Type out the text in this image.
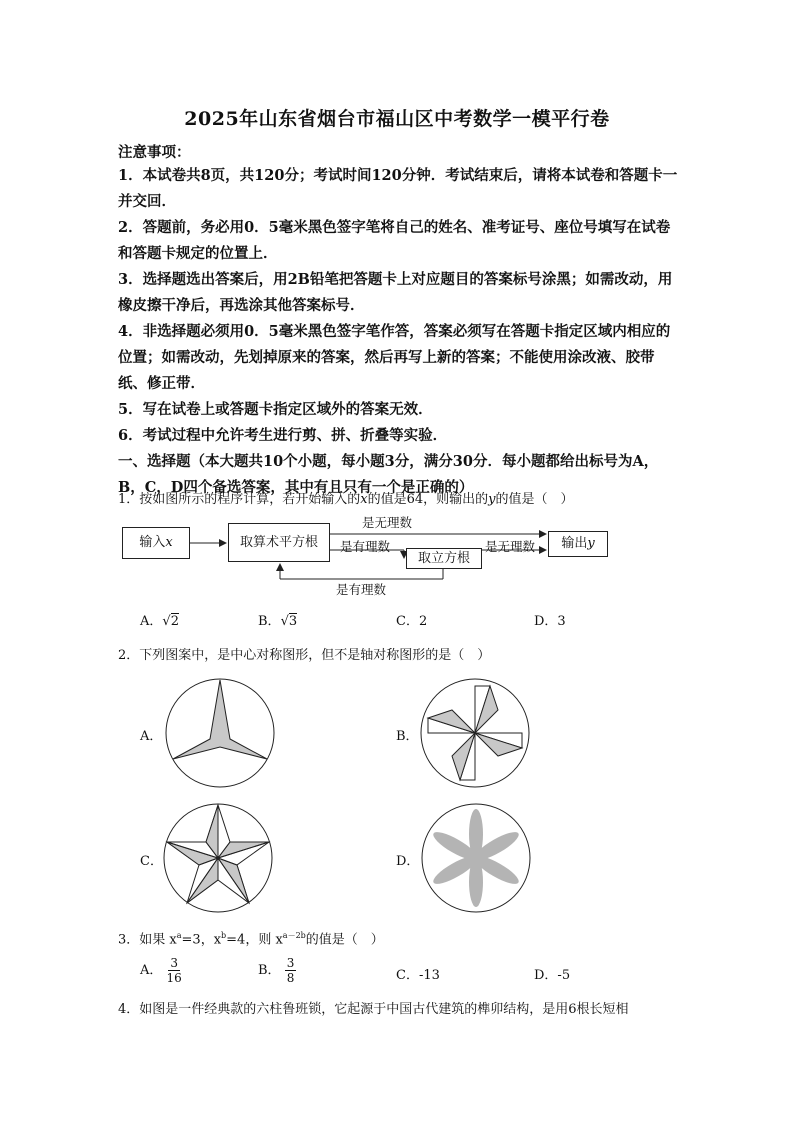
2025年山东省烟台市福山区中考数学一模平行卷
注意事项：
1．本试卷共8页，共120分；考试时间120分钟．考试结束后，请将本试卷和答题卡一并交回．
2．答题前，务必用0．5毫米黑色签字笔将自己的姓名、准考证号、座位号填写在试卷和答题卡规定的位置上．
3．选择题选出答案后，用2B铅笔把答题卡上对应题目的答案标号涂黑；如需改动，用橡皮擦干净后，再选涂其他答案标号．
4．非选择题必须用0．5毫米黑色签字笔作答，答案必须写在答题卡指定区域内相应的位置；如需改动，先划掉原来的答案，然后再写上新的答案；不能使用涂改液、胶带纸、修正带．
5．写在试卷上或答题卡指定区域外的答案无效．
6．考试过程中允许考生进行剪、拼、折叠等实验．
一、选择题（本大题共10个小题，每小题3分，满分30分．每小题都给出标号为A，B，C，D四个备选答案，其中有且只有一个是正确的）
1．按如图所示的程序计算，若开始输入的x的值是64，则输出的y的值是（　）
输入x	取算术平方根
取立方根
输出y
是无理数
是有理数	是无理数
是有理数
A．√2	B．√3	C．2	D．3
2．下列图案中，是中心对称图形，但不是轴对称图形的是（　）
A．	B．
C．	D．
3．如果 $x^a=3$，$x^b=4$，则 $x^{a-2b}$的值是（　）
A． $\frac{3}{16}$	B． $\frac{3}{8}$	C．-13	D．-5
4．如图是一件经典款的六柱鲁班锁，它起源于中国古代建筑的榫卯结构，是用6根长短相
